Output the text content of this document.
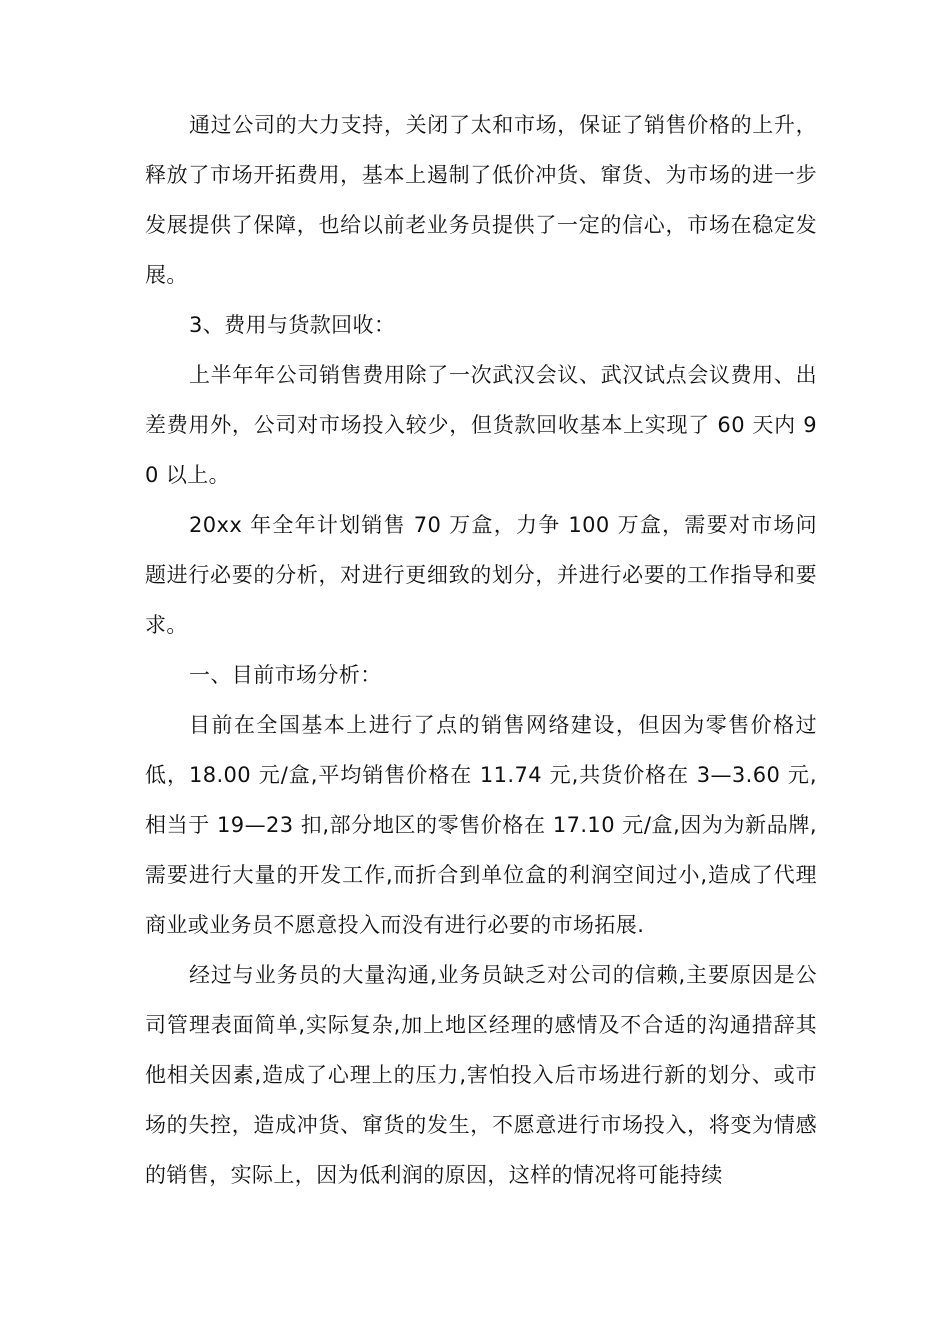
通过公司的大力支持，关闭了太和市场，保证了销售价格的上升，释放了市场开拓费用，基本上遏制了低价冲货、窜货、为市场的进一步发展提供了保障，也给以前老业务员提供了一定的信心，市场在稳定发展。

3、费用与货款回收：

上半年年公司销售费用除了一次武汉会议、武汉试点会议费用、出差费用外，公司对市场投入较少，但货款回收基本上实现了 60 天内 90 以上。

20xx 年全年计划销售 70 万盒，力争 100 万盒，需要对市场问题进行必要的分析，对进行更细致的划分，并进行必要的工作指导和要求。

一、目前市场分析：

目前在全国基本上进行了点的销售网络建设，但因为零售价格过低，18.00 元/盒,平均销售价格在 11.74 元,共货价格在 3—3.60 元,相当于 19—23 扣,部分地区的零售价格在 17.10 元/盒,因为为新品牌,需要进行大量的开发工作,而折合到单位盒的利润空间过小,造成了代理商业或业务员不愿意投入而没有进行必要的市场拓展.

经过与业务员的大量沟通,业务员缺乏对公司的信赖,主要原因是公司管理表面简单,实际复杂,加上地区经理的感情及不合适的沟通措辞其他相关因素,造成了心理上的压力,害怕投入后市场进行新的划分、或市场的失控，造成冲货、窜货的发生，不愿意进行市场投入，将变为情感的销售，实际上，因为低利润的原因，这样的情况将可能持续
